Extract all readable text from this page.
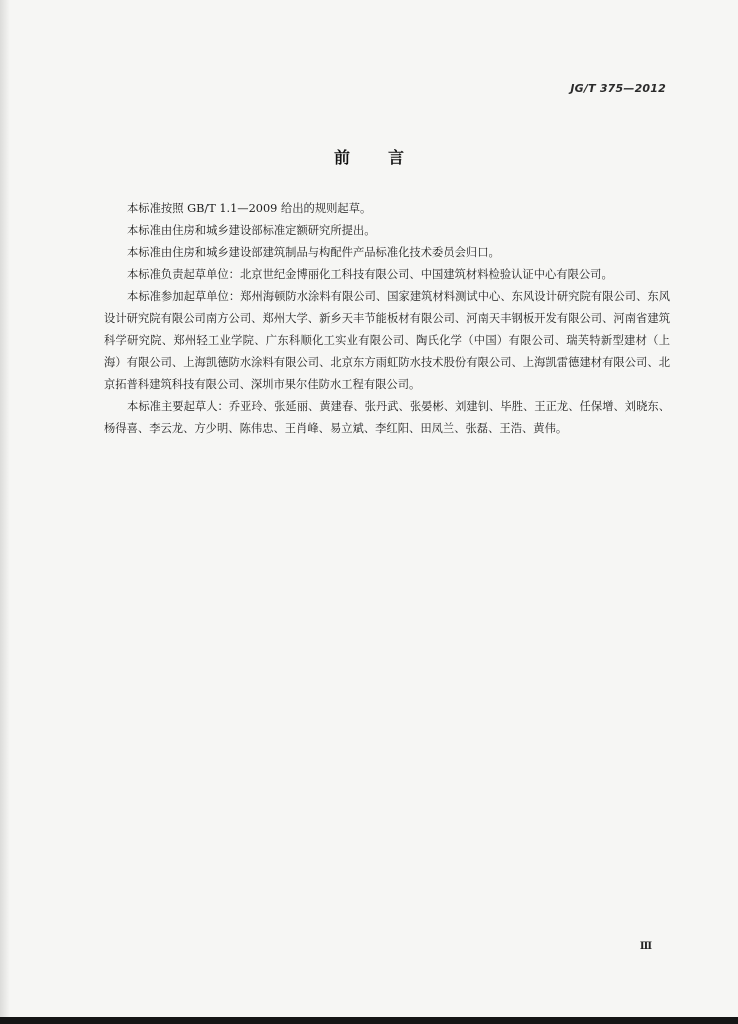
JG/T 375—2012
前言

本标准按照 GB/T 1.1—2009 给出的规则起草。

本标准由住房和城乡建设部标准定额研究所提出。

本标准由住房和城乡建设部建筑制品与构配件产品标准化技术委员会归口。

本标准负责起草单位：北京世纪金博丽化工科技有限公司、中国建筑材料检验认证中心有限公司。

本标准参加起草单位：郑州海顿防水涂料有限公司、国家建筑材料测试中心、东风设计研究院有限公司、东风设计研究院有限公司南方公司、郑州大学、新乡天丰节能板材有限公司、河南天丰钢板开发有限公司、河南省建筑科学研究院、郑州轻工业学院、广东科顺化工实业有限公司、陶氏化学（中国）有限公司、瑞芙特新型建材（上海）有限公司、上海凯德防水涂料有限公司、北京东方雨虹防水技术股份有限公司、上海凯雷德建材有限公司、北京拓普科建筑科技有限公司、深圳市果尔佳防水工程有限公司。

本标准主要起草人：乔亚玲、张延丽、黄建春、张丹武、张晏彬、刘建钊、毕胜、王正龙、任保增、刘晓东、杨得喜、李云龙、方少明、陈伟忠、王肖峰、易立斌、李红阳、田凤兰、张磊、王浩、黄伟。

Ⅲ
